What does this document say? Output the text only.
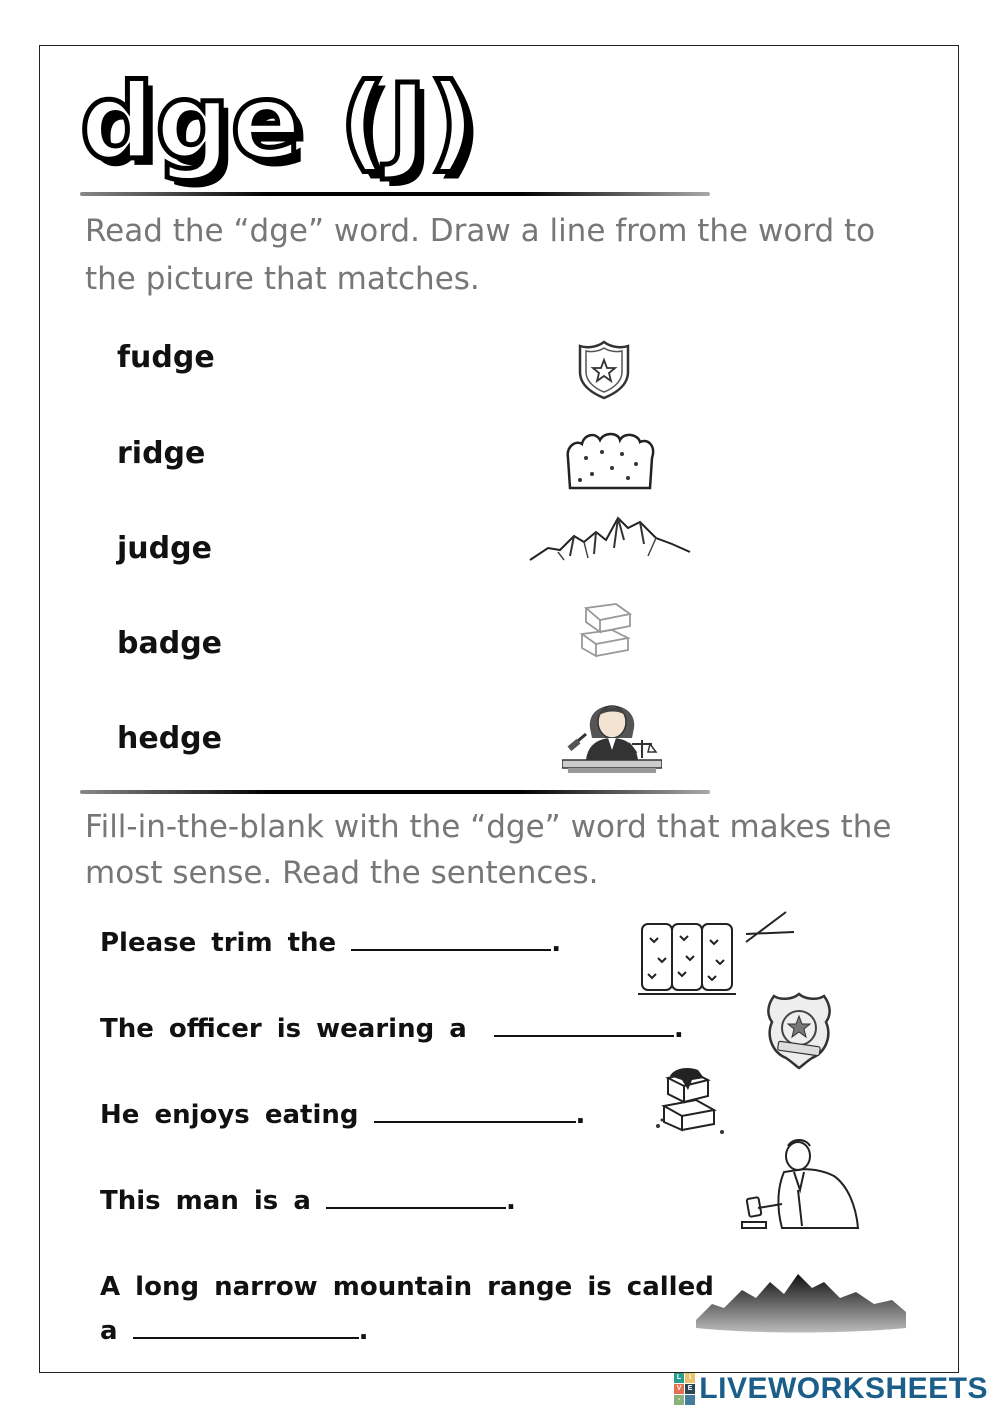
dge (J)
Read the “dge” word. Draw a line from the word to the picture that matches.
fudge
ridge
judge
badge
hedge
Fill-in-the-blank with the “dge” word that makes the most sense. Read the sentences.
Please trim the	.
The officer is wearing a	.
He enjoys eating	.
This man is a	.
A long narrow mountain range is called
a	.
L	I
V E
- LIVEWORKSHEETS
